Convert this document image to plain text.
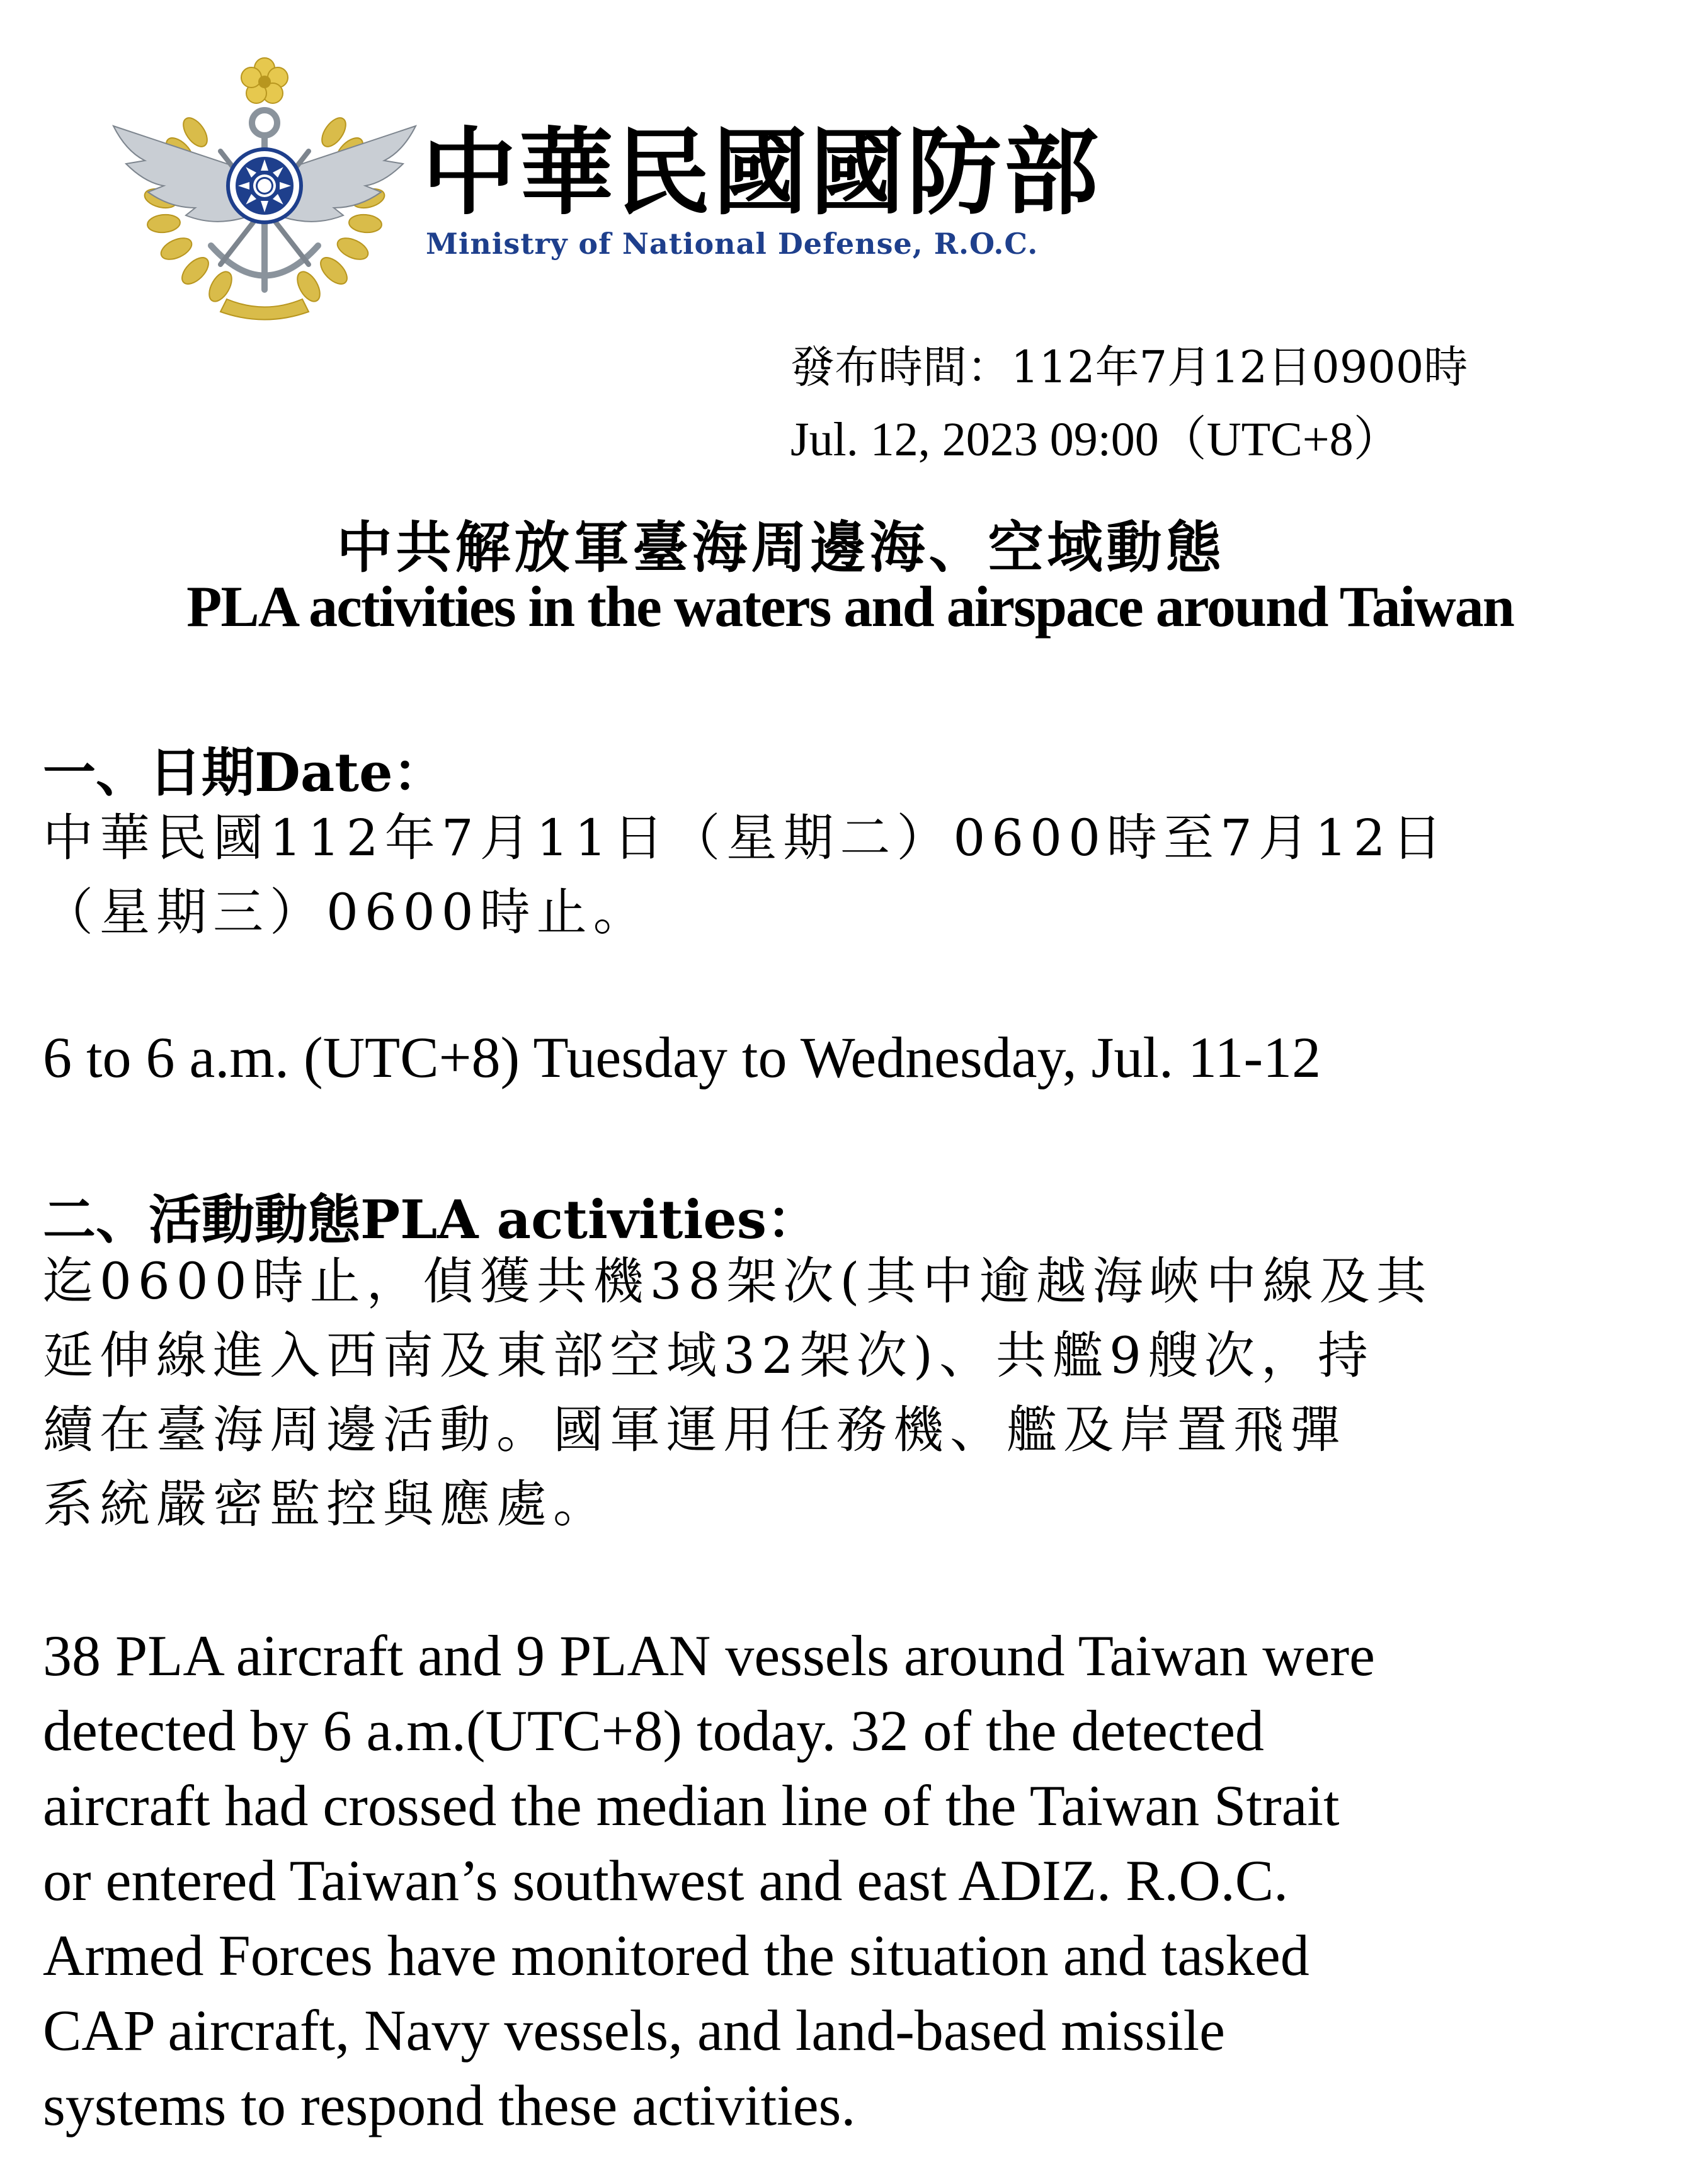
中華民國國防部
Ministry of National Defense, R.O.C.
發布時間：112年7月12日0900時
Jul. 12, 2023 09:00（UTC+8）
中共解放軍臺海周邊海、空域動態
PLA activities in the waters and airspace around Taiwan
一、日期Date：
中華民國112年7月11日（星期二）0600時至7月12日
（星期三）0600時止。
6 to 6 a.m. (UTC+8) Tuesday to Wednesday, Jul. 11-12
二、活動動態PLA activities：
迄0600時止，偵獲共機38架次(其中逾越海峽中線及其
延伸線進入西南及東部空域32架次)、共艦9艘次，持
續在臺海周邊活動。國軍運用任務機、艦及岸置飛彈
系統嚴密監控與應處。
38 PLA aircraft and 9 PLAN vessels around Taiwan were
detected by 6 a.m.(UTC+8) today. 32 of the detected
aircraft had crossed the median line of the Taiwan Strait
or entered Taiwan’s southwest and east ADIZ. R.O.C.
Armed Forces have monitored the situation and tasked
CAP aircraft, Navy vessels, and land-based missile
systems to respond these activities.
